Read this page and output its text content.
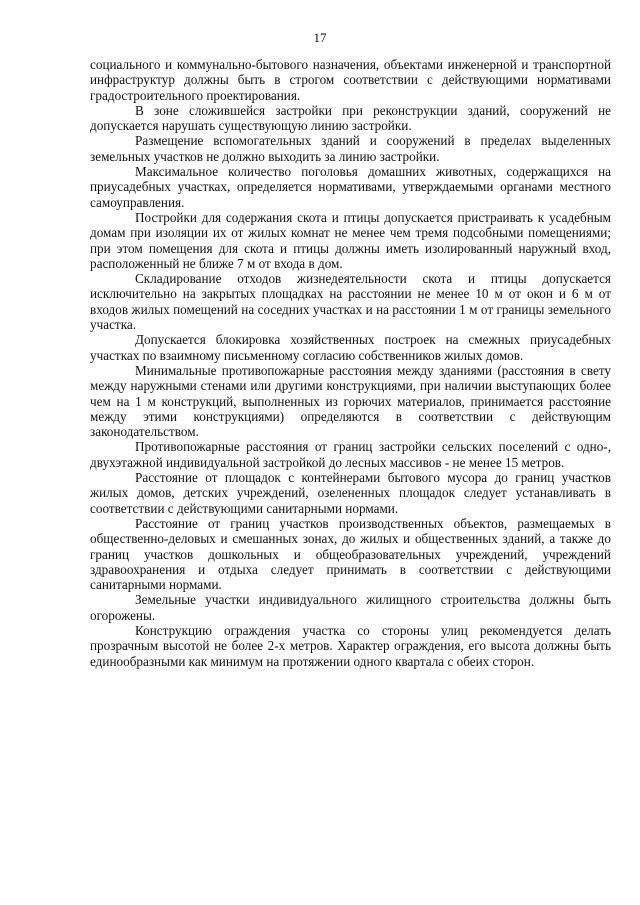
17

социального и коммунально-бытового назначения, объектами инженерной и транспортной инфраструктур должны быть в строгом соответствии с действующими нормативами градостроительного проектирования.

В зоне сложившейся застройки при реконструкции зданий, сооружений не допускается нарушать существующую линию застройки.

Размещение вспомогательных зданий и сооружений в пределах выделенных земельных участков не должно выходить за линию застройки.

Максимальное количество поголовья домашних животных, содержащихся на приусадебных участках, определяется нормативами, утверждаемыми органами местного самоуправления.

Постройки для содержания скота и птицы допускается пристраивать к усадебным домам при изоляции их от жилых комнат не менее чем тремя подсобными помещениями; при этом помещения для скота и птицы должны иметь изолированный наружный вход, расположенный не ближе 7 м от входа в дом.

Складирование отходов жизнедеятельности скота и птицы допускается исключительно на закрытых площадках на расстоянии не менее 10 м от окон и 6 м от входов жилых помещений на соседних участках и на расстоянии 1 м от границы земельного участка.

Допускается блокировка хозяйственных построек на смежных приусадебных участках по взаимному письменному согласию собственников жилых домов.

Минимальные противопожарные расстояния между зданиями (расстояния в свету между наружными стенами или другими конструкциями, при наличии выступающих более чем на 1 м конструкций, выполненных из горючих материалов, принимается расстояние между этими конструкциями) определяются в соответствии с действующим законодательством.

Противопожарные расстояния от границ застройки сельских поселений с одно-, двухэтажной индивидуальной застройкой до лесных массивов - не менее 15 метров.

Расстояние от площадок с контейнерами бытового мусора до границ участков жилых домов, детских учреждений, озелененных площадок следует устанавливать в соответствии с действующими санитарными нормами.

Расстояние от границ участков производственных объектов, размещаемых в общественно-деловых и смешанных зонах, до жилых и общественных зданий, а также до границ участков дошкольных и общеобразовательных учреждений, учреждений здравоохранения и отдыха следует принимать в соответствии с действующими санитарными нормами.

Земельные участки индивидуального жилищного строительства должны быть огорожены.

Конструкцию ограждения участка со стороны улиц рекомендуется делать прозрачным высотой не более 2-х метров. Характер ограждения, его высота должны быть единообразными как минимум на протяжении одного квартала с обеих сторон.
